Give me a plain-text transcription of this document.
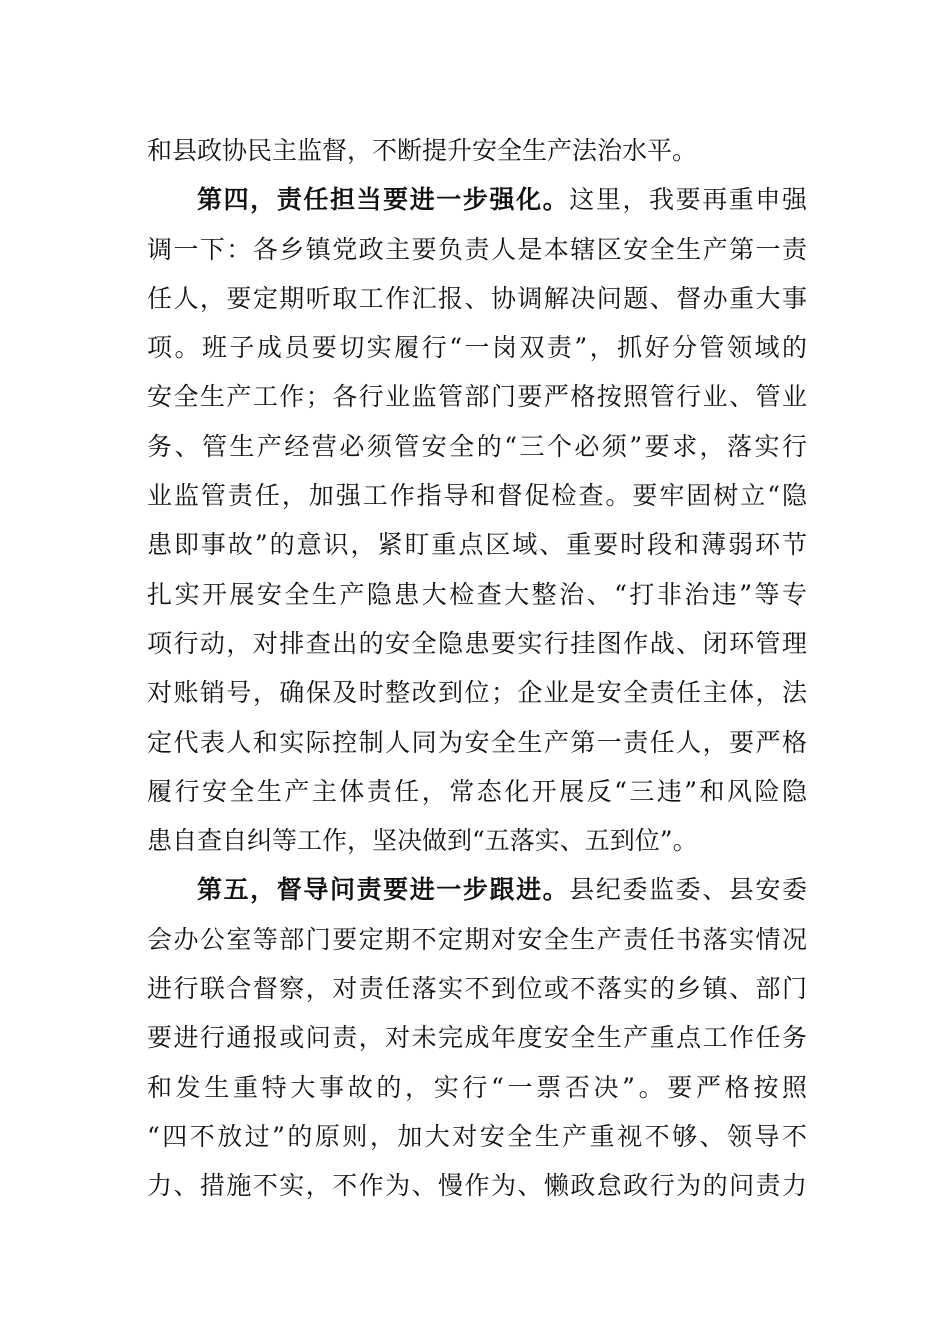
和县政协民主监督，不断提升安全生产法治水平。
第四，责任担当要进一步强化。这里，我要再重申强
调一下：各乡镇党政主要负责人是本辖区安全生产第一责
任人，要定期听取工作汇报、协调解决问题、督办重大事
项。班子成员要切实履行“一岗双责”，抓好分管领域的
安全生产工作；各行业监管部门要严格按照管行业、管业
务、管生产经营必须管安全的“三个必须”要求，落实行
业监管责任，加强工作指导和督促检查。要牢固树立“隐
患即事故”的意识，紧盯重点区域、重要时段和薄弱环节
扎实开展安全生产隐患大检查大整治、“打非治违”等专
项行动，对排查出的安全隐患要实行挂图作战、闭环管理
对账销号，确保及时整改到位；企业是安全责任主体，法
定代表人和实际控制人同为安全生产第一责任人，要严格
履行安全生产主体责任，常态化开展反“三违”和风险隐
患自查自纠等工作，坚决做到“五落实、五到位”。
第五，督导问责要进一步跟进。县纪委监委、县安委
会办公室等部门要定期不定期对安全生产责任书落实情况
进行联合督察，对责任落实不到位或不落实的乡镇、部门
要进行通报或问责，对未完成年度安全生产重点工作任务
和发生重特大事故的，实行“一票否决”。要严格按照
“四不放过”的原则，加大对安全生产重视不够、领导不
力、措施不实，不作为、慢作为、懒政怠政行为的问责力
